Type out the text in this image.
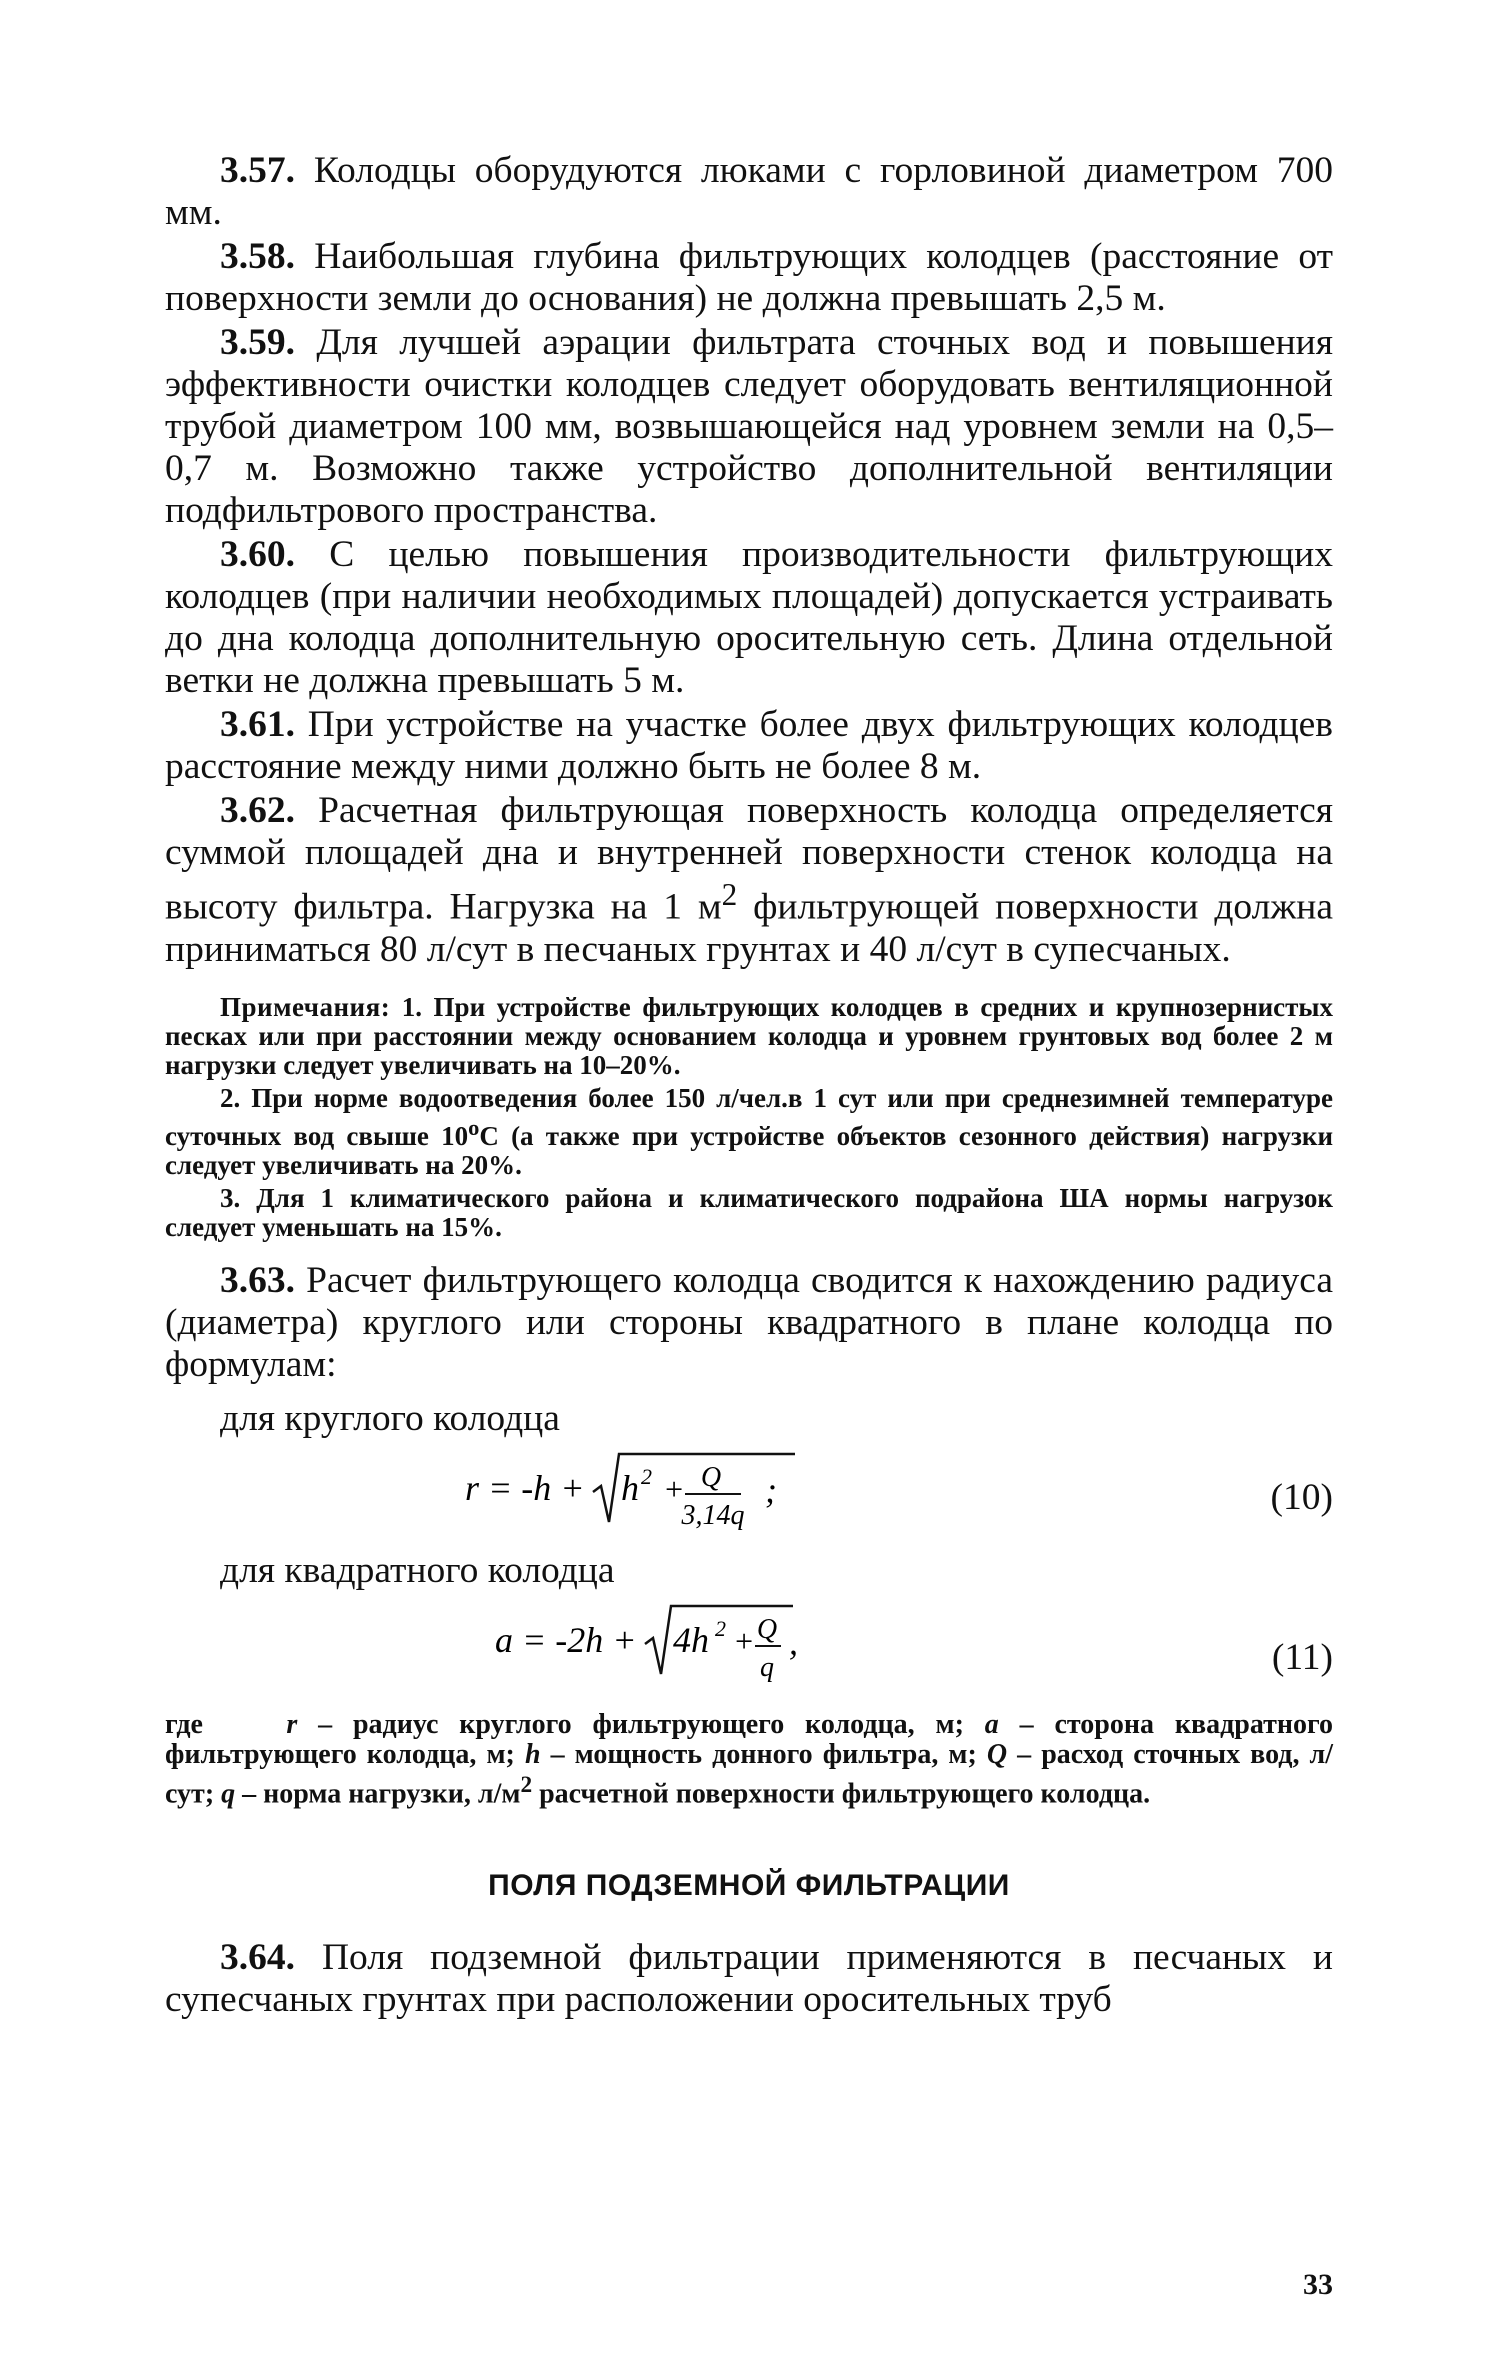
3.57. Колодцы оборудуются люками с горловиной диаметром 700 мм.

3.58. Наибольшая глубина фильтрующих колодцев (расстояние от поверхности земли до основания) не должна превышать 2,5 м.

3.59. Для лучшей аэрации фильтрата сточных вод и повышения эффективности очистки колодцев следует оборудовать вентиляционной трубой диаметром 100 мм, возвышающейся над уровнем земли на 0,5–0,7 м. Возможно также устройство дополнительной вентиляции подфильтрового пространства.

3.60. С целью повышения производительности фильтрующих колодцев (при наличии необходимых площадей) допускается устраивать до дна колодца дополнительную оросительную сеть. Длина отдельной ветки не должна превышать 5 м.

3.61. При устройстве на участке более двух фильтрующих колодцев расстояние между ними должно быть не более 8 м.

3.62. Расчетная фильтрующая поверхность колодца определяется суммой площадей дна и внутренней поверхности стенок колодца на высоту фильтра. Нагрузка на 1 $м^2$ фильтрующей поверхности должна приниматься 80 л/сут в песчаных грунтах и 40 л/сут в супесчаных.

Примечания: 1. При устройстве фильтрующих колодцев в средних и крупнозернистых песках или при расстоянии между основанием колодца и уровнем грунтовых вод более 2 м нагрузки следует увеличивать на 10–20%.

2. При норме водоотведения более 150 л/чел.в 1 сут или при среднезимней температуре суточных вод свыше $10^оС$ (а также при устройстве объектов сезонного действия) нагрузки следует увеличивать на 20%.

3. Для 1 климатического района и климатического подрайона ША нормы нагрузок следует уменьшать на 15%.

3.63. Расчет фильтрующего колодца сводится к нахождению радиуса (диаметра) круглого или стороны квадратного в плане колодца по формулам:

для круглого колодца
r = -h + h 2 + Q
3,14q
;	(10)
для квадратного колодца
a = -2h + 4h 2 + Q
q
,	(11)
где	r – радиус круглого фильтрующего колодца, м; a – сторона квадратного фильтрующего колодца, м; h – мощность донного фильтра, м; Q – расход сточных вод, л/сут; q – норма нагрузки, $л/м^2$ расчетной поверхности фильтрующего колодца.
ПОЛЯ ПОДЗЕМНОЙ ФИЛЬТРАЦИИ

3.64. Поля подземной фильтрации применяются в песчаных и супесчаных грунтах при расположении оросительных труб

33
